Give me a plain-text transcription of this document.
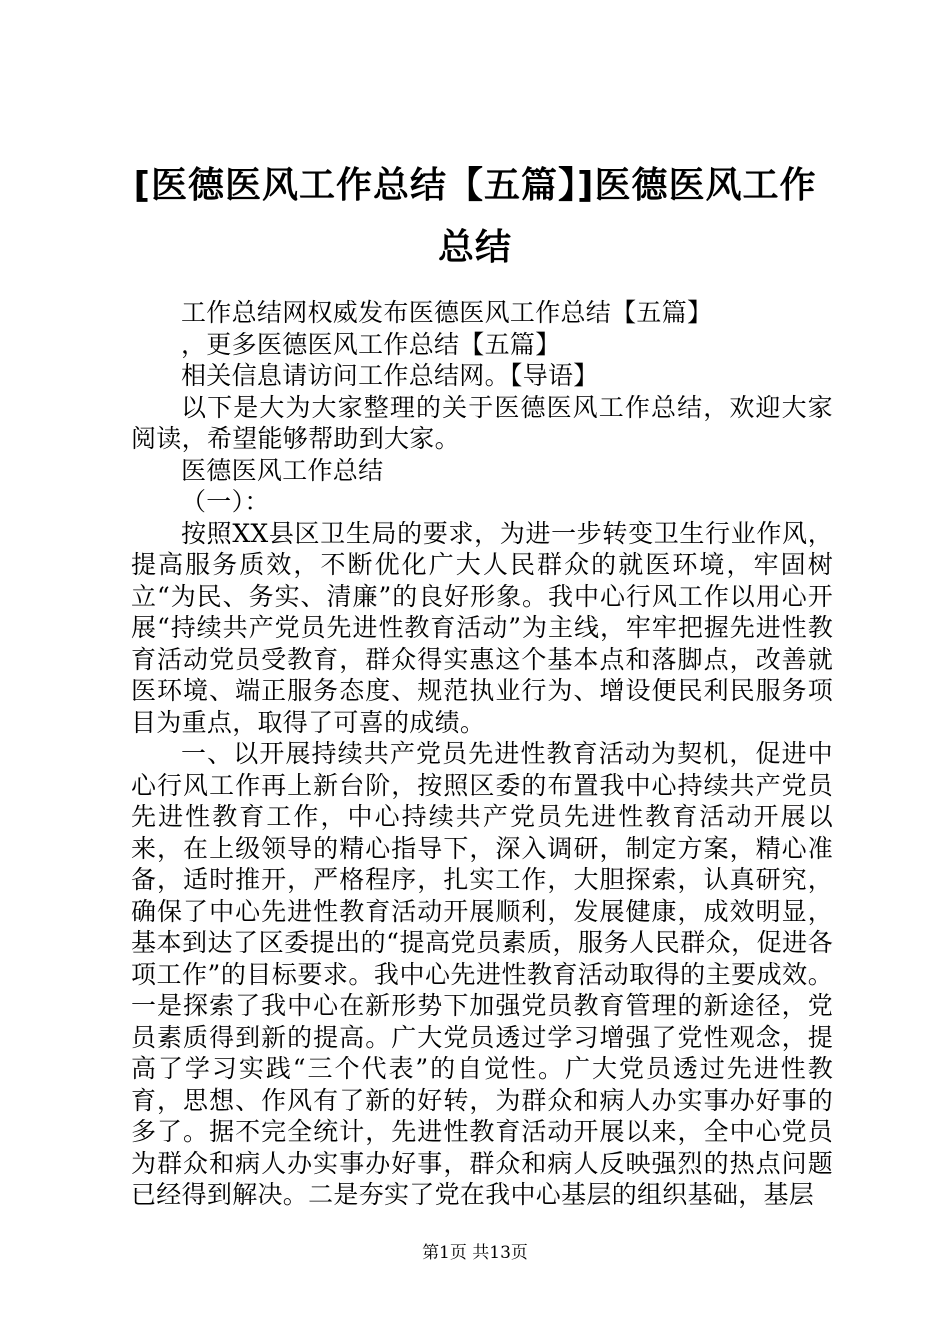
[医德医风工作总结【五篇】]医德医风工作总结

工作总结网权威发布医德医风工作总结【五篇】

，更多医德医风工作总结【五篇】

相关信息请访问工作总结网。【导语】

以下是大为大家整理的关于医德医风工作总结，欢迎大家阅读，希望能够帮助到大家。

医德医风工作总结

（一）：

按照XX县区卫生局的要求，为进一步转变卫生行业作风，提高服务质效，不断优化广大人民群众的就医环境，牢固树立“为民、务实、清廉”的良好形象。我中心行风工作以用心开展“持续共产党员先进性教育活动”为主线，牢牢把握先进性教育活动党员受教育，群众得实惠这个基本点和落脚点，改善就医环境、端正服务态度、规范执业行为、增设便民利民服务项目为重点，取得了可喜的成绩。

一、以开展持续共产党员先进性教育活动为契机，促进中心行风工作再上新台阶，按照区委的布置我中心持续共产党员先进性教育工作，中心持续共产党员先进性教育活动开展以来，在上级领导的精心指导下，深入调研，制定方案，精心准备，适时推开，严格程序，扎实工作，大胆探索，认真研究，确保了中心先进性教育活动开展顺利，发展健康，成效明显，基本到达了区委提出的“提高党员素质，服务人民群众，促进各项工作”的目标要求。我中心先进性教育活动取得的主要成效。一是探索了我中心在新形势下加强党员教育管理的新途径，党员素质得到新的提高。广大党员透过学习增强了党性观念，提高了学习实践“三个代表”的自觉性。广大党员透过先进性教育，思想、作风有了新的好转，为群众和病人办实事办好事的多了。据不完全统计，先进性教育活动开展以来，全中心党员为群众和病人办实事办好事，群众和病人反映强烈的热点问题已经得到解决。二是夯实了党在我中心基层的组织基础，基层

第1页 共13页
